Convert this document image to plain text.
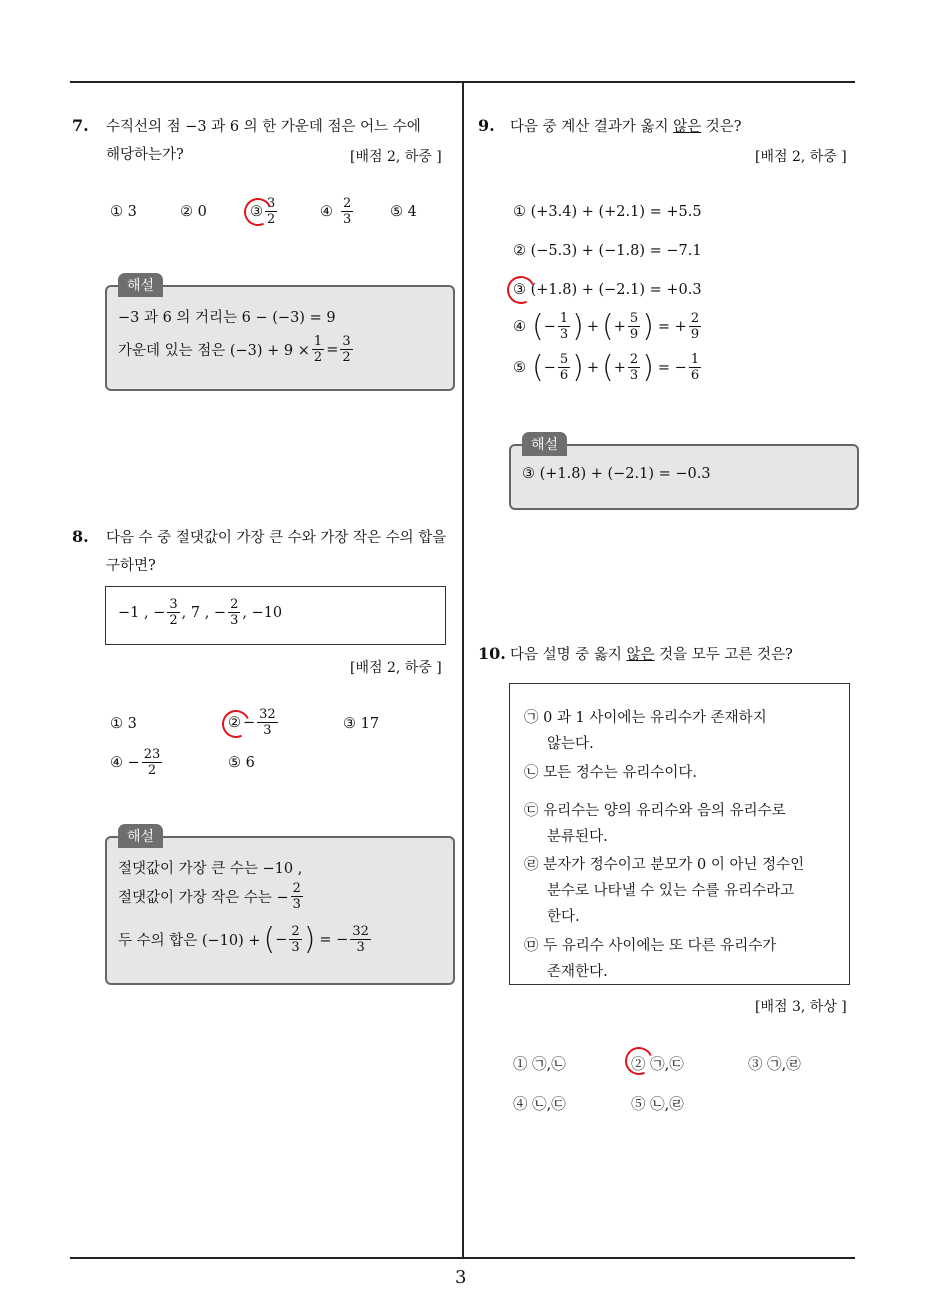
3
7. 수직선의 점 −3 과 6 의 한 가운데 점은 어느 수에
해당하는가?	[배점 2, 하중 ]
① 3	② 0	③ $\frac{3}{2}$	④ $\frac{2}{3}$	⑤ 4
해설
−3 과 6 의 거리는 6 − (−3) = 9
가운데 있는 점은 $(-3) + 9 \times \frac{1}{2} = \frac{3}{2}$
8. 다음 수 중 절댓값이 가장 큰 수와 가장 작은 수의 합을
구하면?
−1 , − $\frac{3}{2}$ , 7 , − $\frac{2}{3}$ , −10
[배점 2, 하중 ]
① 3	② − $\frac{32}{3}$	③ 17
④ − $\frac{23}{2}$	⑤ 6
해설
절댓값이 가장 큰 수는 −10 ,
절댓값이 가장 작은 수는 − $\frac{2}{3}$
두 수의 합은 (−10) + ( − $\frac{2}{3}$ ) = − $\frac{32}{3}$
9. 다음 중 계산 결과가 옳지 않은 것은?
[배점 2, 하중 ]
① (+3.4) + (+2.1) = +5.5
② (−5.3) + (−1.8) = −7.1
③ (+1.8) + (−2.1) = +0.3
④ ( − $\frac{1}{3}$ ) + ( + $\frac{5}{9}$ ) = + $\frac{2}{9}$
⑤ ( − $\frac{5}{6}$ ) + ( + $\frac{2}{3}$ ) = − $\frac{1}{6}$
해설
③ (+1.8) + (−2.1) = −0.3
10. 다음 설명 중 옳지 않은 것을 모두 고른 것은?
㉠ 0 과 1 사이에는 유리수가 존재하지
않는다.
㉡ 모든 정수는 유리수이다.
㉢ 유리수는 양의 유리수와 음의 유리수로
분류된다.
㉣ 분자가 정수이고 분모가 0 이 아닌 정수인
분수로 나타낼 수 있는 수를 유리수라고
한다.
㉤ 두 유리수 사이에는 또 다른 유리수가
존재한다.
[배점 3, 하상 ]
① ㉠,㉡	② ㉠,㉢	③ ㉠,㉣
④ ㉡,㉢	⑤ ㉡,㉣
